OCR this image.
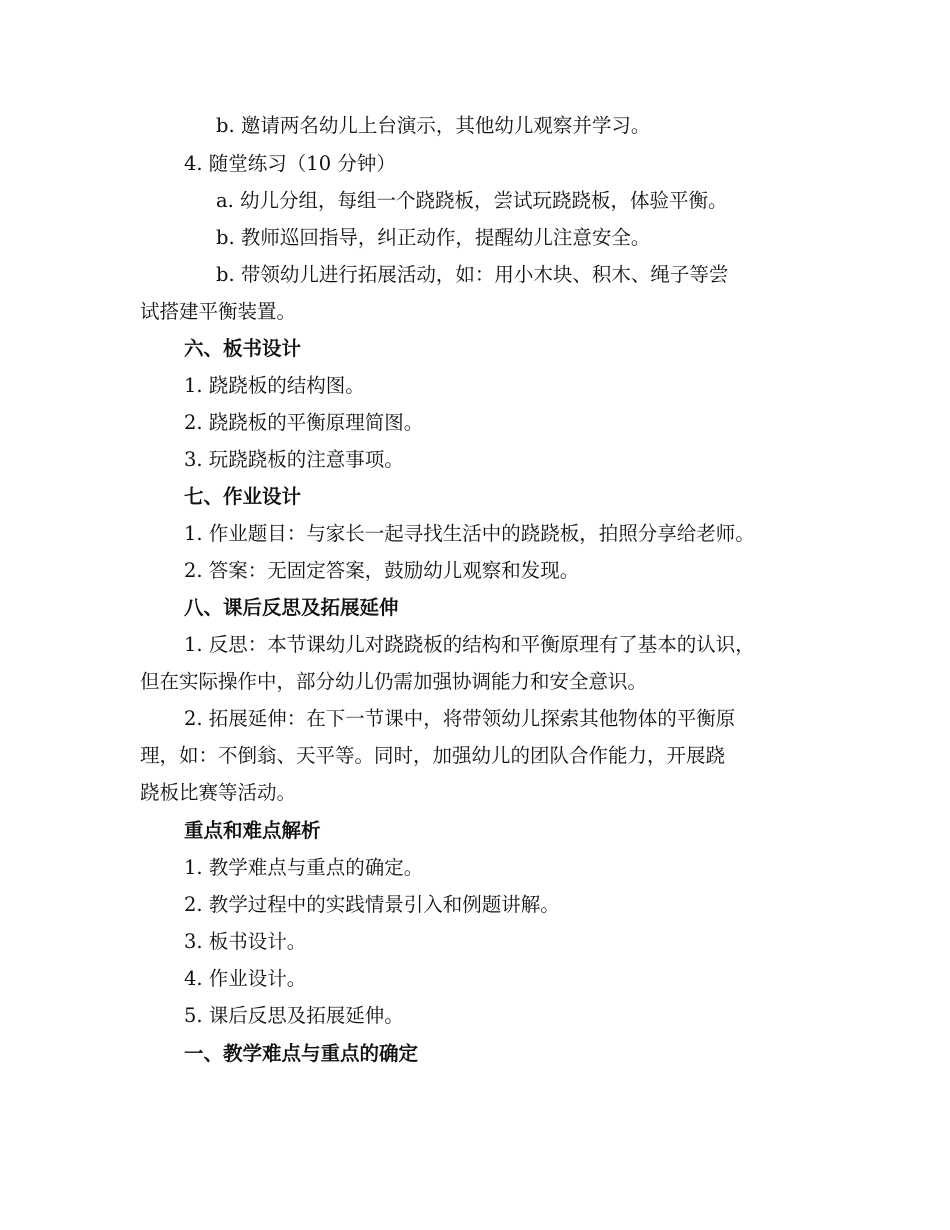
b. 邀请两名幼儿上台演示，其他幼儿观察并学习。
4. 随堂练习（10 分钟）
a. 幼儿分组，每组一个跷跷板，尝试玩跷跷板，体验平衡。
b. 教师巡回指导，纠正动作，提醒幼儿注意安全。
b. 带领幼儿进行拓展活动，如：用小木块、积木、绳子等尝
试搭建平衡装置。
六、板书设计
1. 跷跷板的结构图。
2. 跷跷板的平衡原理简图。
3. 玩跷跷板的注意事项。
七、作业设计
1. 作业题目：与家长一起寻找生活中的跷跷板，拍照分享给老师。
2. 答案：无固定答案，鼓励幼儿观察和发现。
八、课后反思及拓展延伸
1. 反思：本节课幼儿对跷跷板的结构和平衡原理有了基本的认识，
但在实际操作中，部分幼儿仍需加强协调能力和安全意识。
2. 拓展延伸：在下一节课中，将带领幼儿探索其他物体的平衡原
理，如：不倒翁、天平等。同时，加强幼儿的团队合作能力，开展跷
跷板比赛等活动。
重点和难点解析
1. 教学难点与重点的确定。
2. 教学过程中的实践情景引入和例题讲解。
3. 板书设计。
4. 作业设计。
5. 课后反思及拓展延伸。
一、教学难点与重点的确定
